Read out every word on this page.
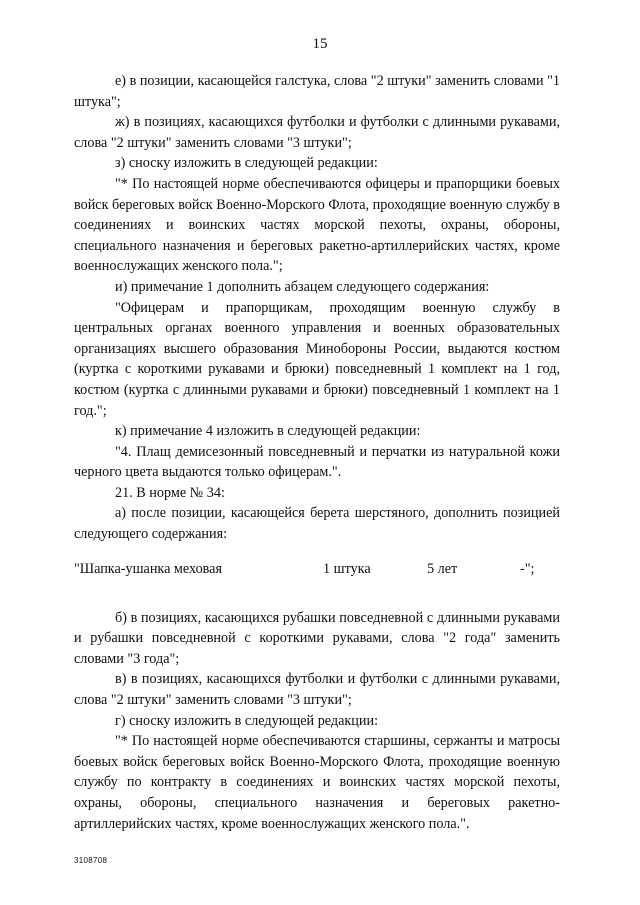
15

е) в позиции, касающейся галстука, слова "2 штуки" заменить словами "1 штука";

ж) в позициях, касающихся футболки и футболки с длинными рукавами, слова "2 штуки" заменить словами "3 штуки";

з) сноску изложить в следующей редакции:

"* По настоящей норме обеспечиваются офицеры и прапорщики боевых войск береговых войск Военно-Морского Флота, проходящие военную службу в соединениях и воинских частях морской пехоты, охраны, обороны, специального назначения и береговых ракетно-артиллерийских частях, кроме военнослужащих женского пола.";

и) примечание 1 дополнить абзацем следующего содержания:

"Офицерам и прапорщикам, проходящим военную службу в центральных органах военного управления и военных образовательных организациях высшего образования Минобороны России, выдаются костюм (куртка с короткими рукавами и брюки) повседневный 1 комплект на 1 год, костюм (куртка с длинными рукавами и брюки) повседневный 1 комплект на 1 год.";

к) примечание 4 изложить в следующей редакции:

"4. Плащ демисезонный повседневный и перчатки из натуральной кожи черного цвета выдаются только офицерам.".

21. В норме № 34:

а) после позиции, касающейся берета шерстяного, дополнить позицией следующего содержания:

"Шапка-ушанка меховая	1 штука	5 лет	-";

б) в позициях, касающихся рубашки повседневной с длинными рукавами и рубашки повседневной с короткими рукавами, слова "2 года" заменить словами "3 года";

в) в позициях, касающихся футболки и футболки с длинными рукавами, слова "2 штуки" заменить словами "3 штуки";

г) сноску изложить в следующей редакции:

"* По настоящей норме обеспечиваются старшины, сержанты и матросы боевых войск береговых войск Военно-Морского Флота, проходящие военную службу по контракту в соединениях и воинских частях морской пехоты, охраны, обороны, специального назначения и береговых ракетно-артиллерийских частях, кроме военнослужащих женского пола.".

3108708
